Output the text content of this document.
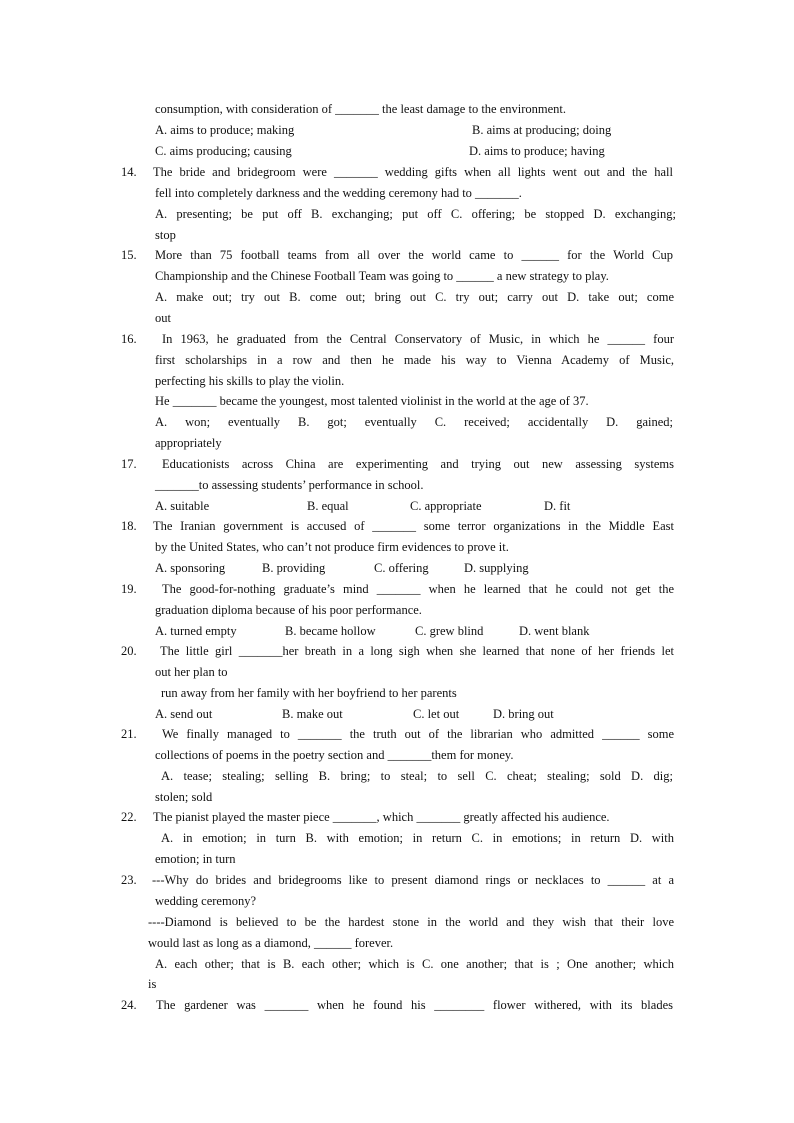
consumption, with consideration of _______ the least damage to the environment.
A. aims to produce; making	B. aims at producing; doing
C. aims producing; causing	D. aims to produce; having
14. The bride and bridegroom were _______ wedding gifts when all lights went out and the hall
fell into completely darkness and the wedding ceremony had to _______.
A. presenting; be put off B. exchanging; put off C. offering; be stopped D. exchanging;
stop
15. More than 75 football teams from all over the world came to ______ for the World Cup
Championship and the Chinese Football Team was going to ______ a new strategy to play.
A. make out; try out B. come out; bring out C. try out; carry out D. take out; come
out
16. In 1963, he graduated from the Central Conservatory of Music, in which he ______ four
first scholarships in a row and then he made his way to Vienna Academy of Music,
perfecting his skills to play the violin.
He _______ became the youngest, most talented violinist in the world at the age of 37.
A. won; eventually B. got; eventually C. received; accidentally D. gained;
appropriately
17. Educationists across China are experimenting and trying out new assessing systems
_______to assessing students’ performance in school.
A. suitable	B. equal	C. appropriate	D. fit
18. The Iranian government is accused of _______ some terror organizations in the Middle East
by the United States, who can’t not produce firm evidences to prove it.
A. sponsoring	B. providing	C. offering	D. supplying
19. The good-for-nothing graduate’s mind _______ when he learned that he could not get the
graduation diploma because of his poor performance.
A. turned empty	B. became hollow	C. grew blind	D. went blank
20. The little girl _______her breath in a long sigh when she learned that none of her friends let
out her plan to
run away from her family with her boyfriend to her parents
A. send out	B. make out	C. let out	D. bring out
21. We finally managed to _______ the truth out of the librarian who admitted ______ some
collections of poems in the poetry section and _______them for money.
A. tease; stealing; selling B. bring; to steal; to sell C. cheat; stealing; sold D. dig;
stolen; sold
22. The pianist played the master piece _______, which _______ greatly affected his audience.
A. in emotion; in turn B. with emotion; in return C. in emotions; in return D. with
emotion; in turn
23. ---Why do brides and bridegrooms like to present diamond rings or necklaces to ______ at a
wedding ceremony?
----Diamond is believed to be the hardest stone in the world and they wish that their love
would last as long as a diamond, ______ forever.
A. each other; that is B. each other; which is C. one another; that is ; One another; which
is
24. The gardener was _______ when he found his ________ flower withered, with its blades
